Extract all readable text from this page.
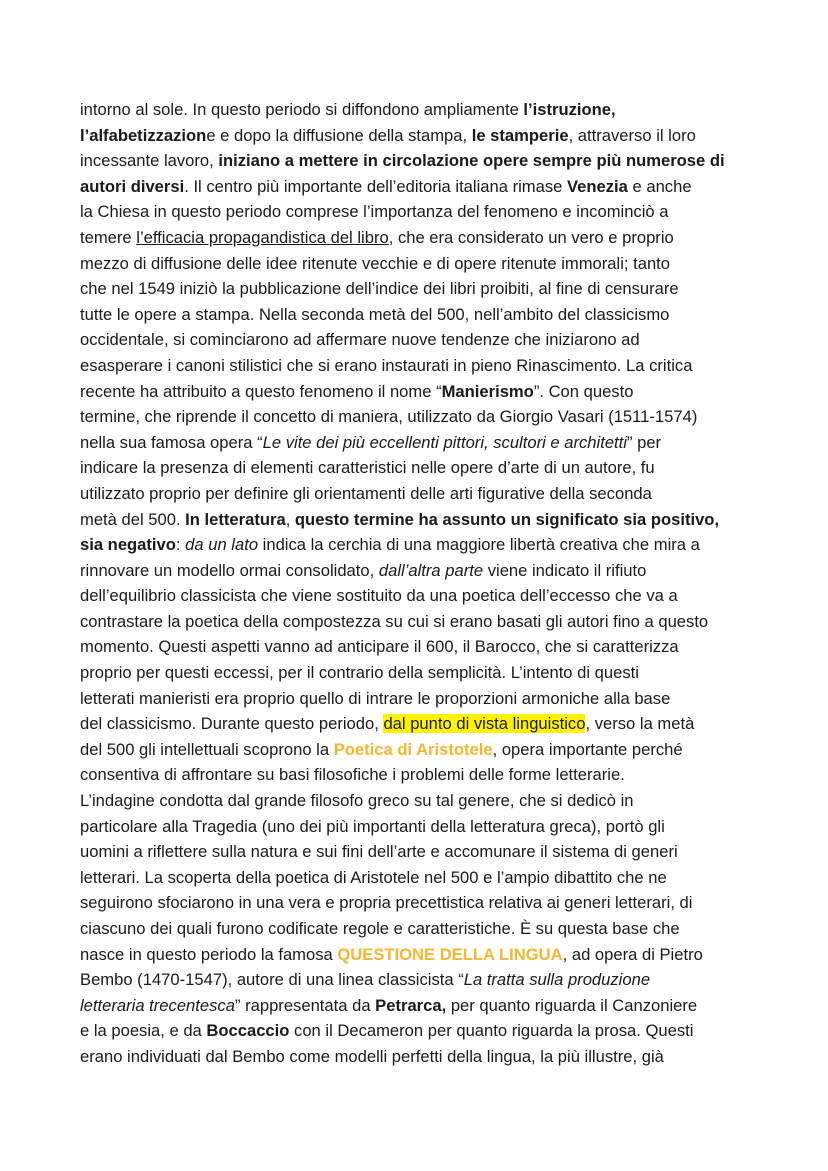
intorno al sole. In questo periodo si diffondono ampliamente l’istruzione,
l’alfabetizzazione e dopo la diffusione della stampa, le stamperie, attraverso il loro
incessante lavoro, iniziano a mettere in circolazione opere sempre più numerose di
autori diversi. Il centro più importante dell’editoria italiana rimase Venezia e anche
la Chiesa in questo periodo comprese l’importanza del fenomeno e incominciò a
temere l’efficacia propagandistica del libro, che era considerato un vero e proprio
mezzo di diffusione delle idee ritenute vecchie e di opere ritenute immorali; tanto
che nel 1549 iniziò la pubblicazione dell’indice dei libri proibiti, al fine di censurare
tutte le opere a stampa. Nella seconda metà del 500, nell’ambito del classicismo
occidentale, si cominciarono ad affermare nuove tendenze che iniziarono ad
esasperare i canoni stilistici che si erano instaurati in pieno Rinascimento. La critica
recente ha attribuito a questo fenomeno il nome “Manierismo”. Con questo
termine, che riprende il concetto di maniera, utilizzato da Giorgio Vasari (1511-1574)
nella sua famosa opera “Le vite dei più eccellenti pittori, scultori e architetti” per
indicare la presenza di elementi caratteristici nelle opere d’arte di un autore, fu
utilizzato proprio per definire gli orientamenti delle arti figurative della seconda
metà del 500. In letteratura, questo termine ha assunto un significato sia positivo,
sia negativo: da un lato indica la cerchia di una maggiore libertà creativa che mira a
rinnovare un modello ormai consolidato, dall’altra parte viene indicato il rifiuto
dell’equilibrio classicista che viene sostituito da una poetica dell’eccesso che va a
contrastare la poetica della compostezza su cui si erano basati gli autori fino a questo
momento. Questi aspetti vanno ad anticipare il 600, il Barocco, che si caratterizza
proprio per questi eccessi, per il contrario della semplicità. L’intento di questi
letterati manieristi era proprio quello di intrare le proporzioni armoniche alla base
del classicismo. Durante questo periodo, dal punto di vista linguistico, verso la metà
del 500 gli intellettuali scoprono la Poetica di Aristotele, opera importante perché
consentiva di affrontare su basi filosofiche i problemi delle forme letterarie.
L’indagine condotta dal grande filosofo greco su tal genere, che si dedicò in
particolare alla Tragedia (uno dei più importanti della letteratura greca), portò gli
uomini a riflettere sulla natura e sui fini dell’arte e accomunare il sistema di generi
letterari. La scoperta della poetica di Aristotele nel 500 e l’ampio dibattito che ne
seguirono sfociarono in una vera e propria precettistica relativa ai generi letterari, di
ciascuno dei quali furono codificate regole e caratteristiche. È su questa base che
nasce in questo periodo la famosa QUESTIONE DELLA LINGUA, ad opera di Pietro
Bembo (1470-1547), autore di una linea classicista “La tratta sulla produzione
letteraria trecentesca” rappresentata da Petrarca, per quanto riguarda il Canzoniere
e la poesia, e da Boccaccio con il Decameron per quanto riguarda la prosa. Questi
erano individuati dal Bembo come modelli perfetti della lingua, la più illustre, già
